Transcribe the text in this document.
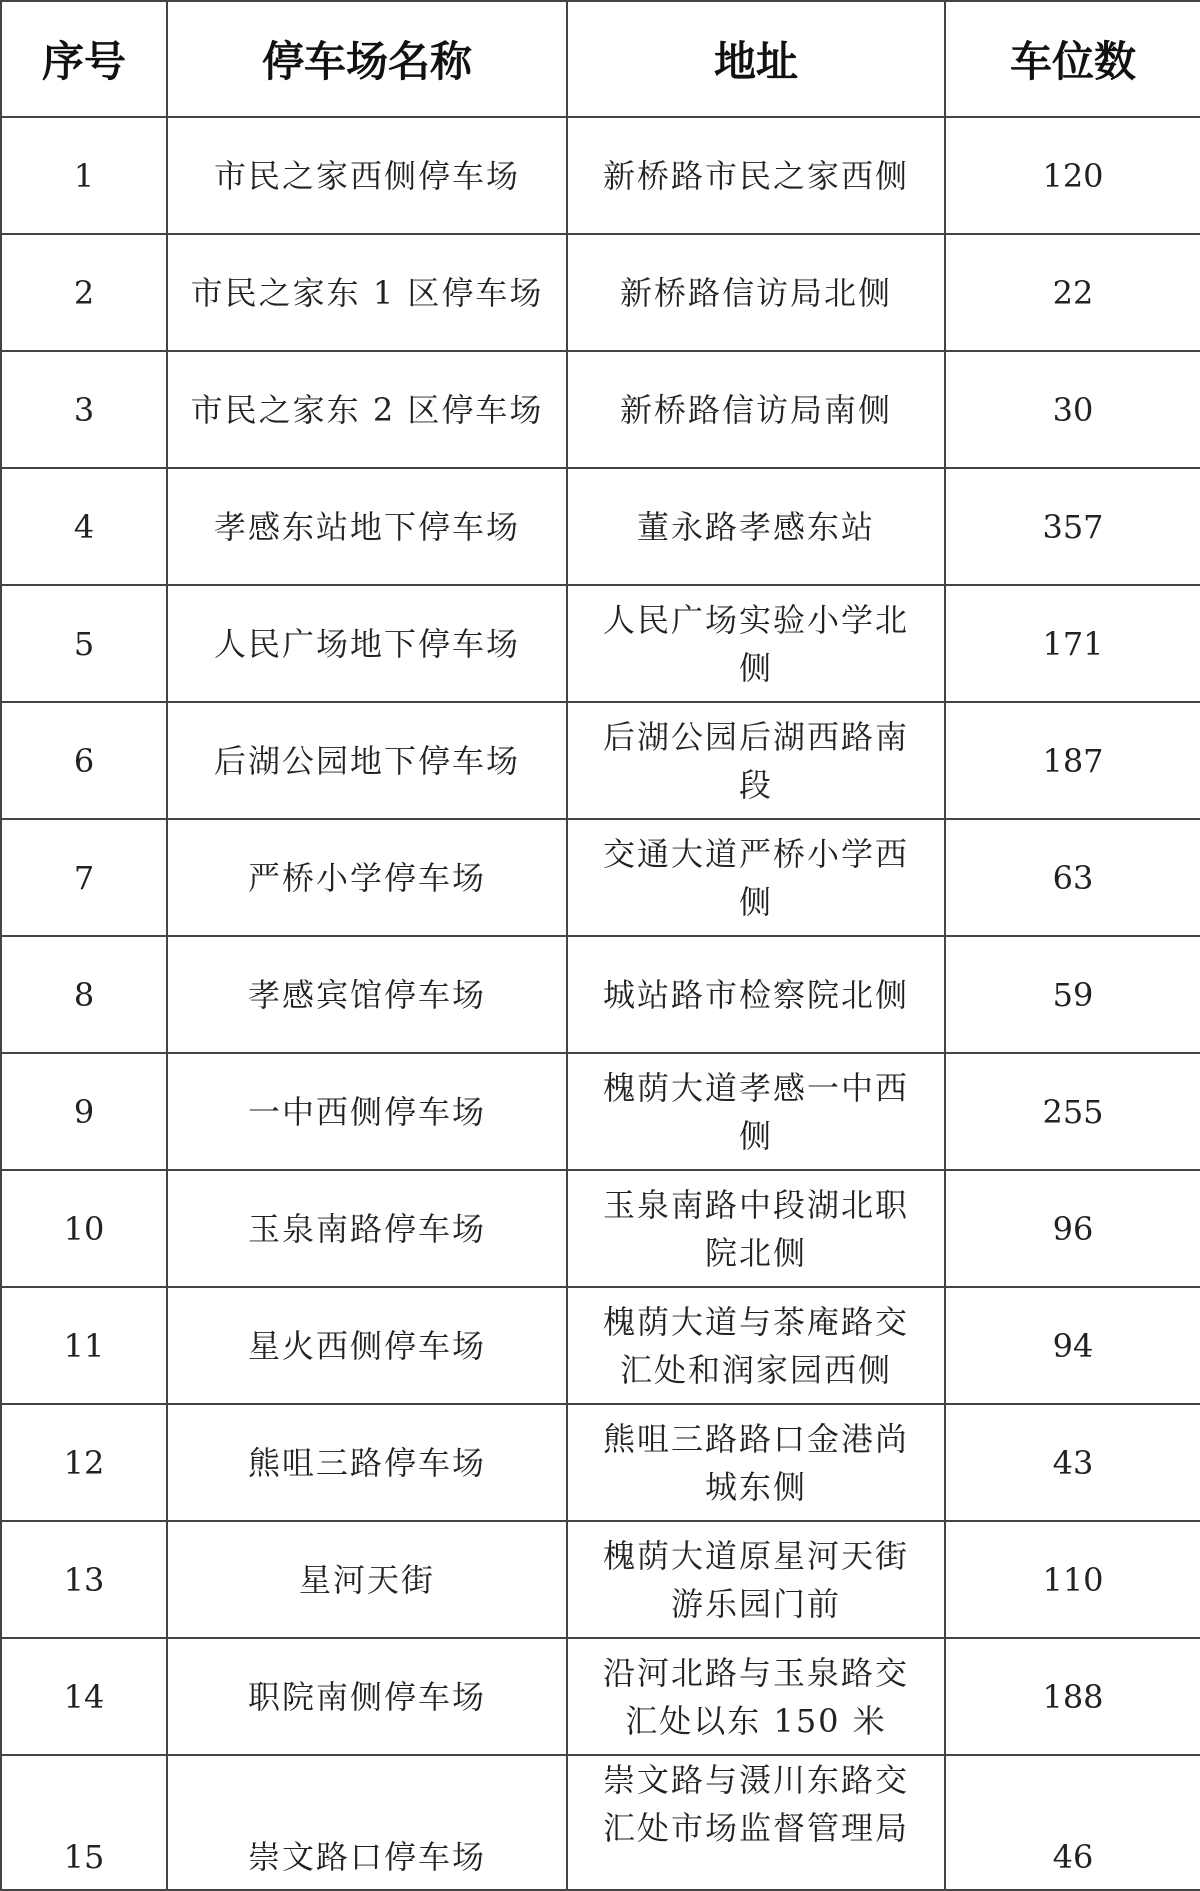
序号	停车场名称	地址	车位数
1	市民之家西侧停车场	新桥路市民之家西侧	120
2	市民之家东 1 区停车场	新桥路信访局北侧	22
3	市民之家东 2 区停车场	新桥路信访局南侧	30
4	孝感东站地下停车场	董永路孝感东站	357
5	人民广场地下停车场	人民广场实验小学北侧	171
6	后湖公园地下停车场	后湖公园后湖西路南段	187
7	严桥小学停车场	交通大道严桥小学西侧	63
8	孝感宾馆停车场	城站路市检察院北侧	59
9	一中西侧停车场	槐荫大道孝感一中西侧	255
10	玉泉南路停车场	玉泉南路中段湖北职院北侧	96
11	星火西侧停车场	槐荫大道与茶庵路交汇处和润家园西侧	94
12	熊咀三路停车场	熊咀三路路口金港尚城东侧	43
13	星河天街	槐荫大道原星河天街游乐园门前	110
14	职院南侧停车场	沿河北路与玉泉路交汇处以东 150 米	188
15	崇文路口停车场	崇文路与滠川东路交汇处市场监督管理局	46
